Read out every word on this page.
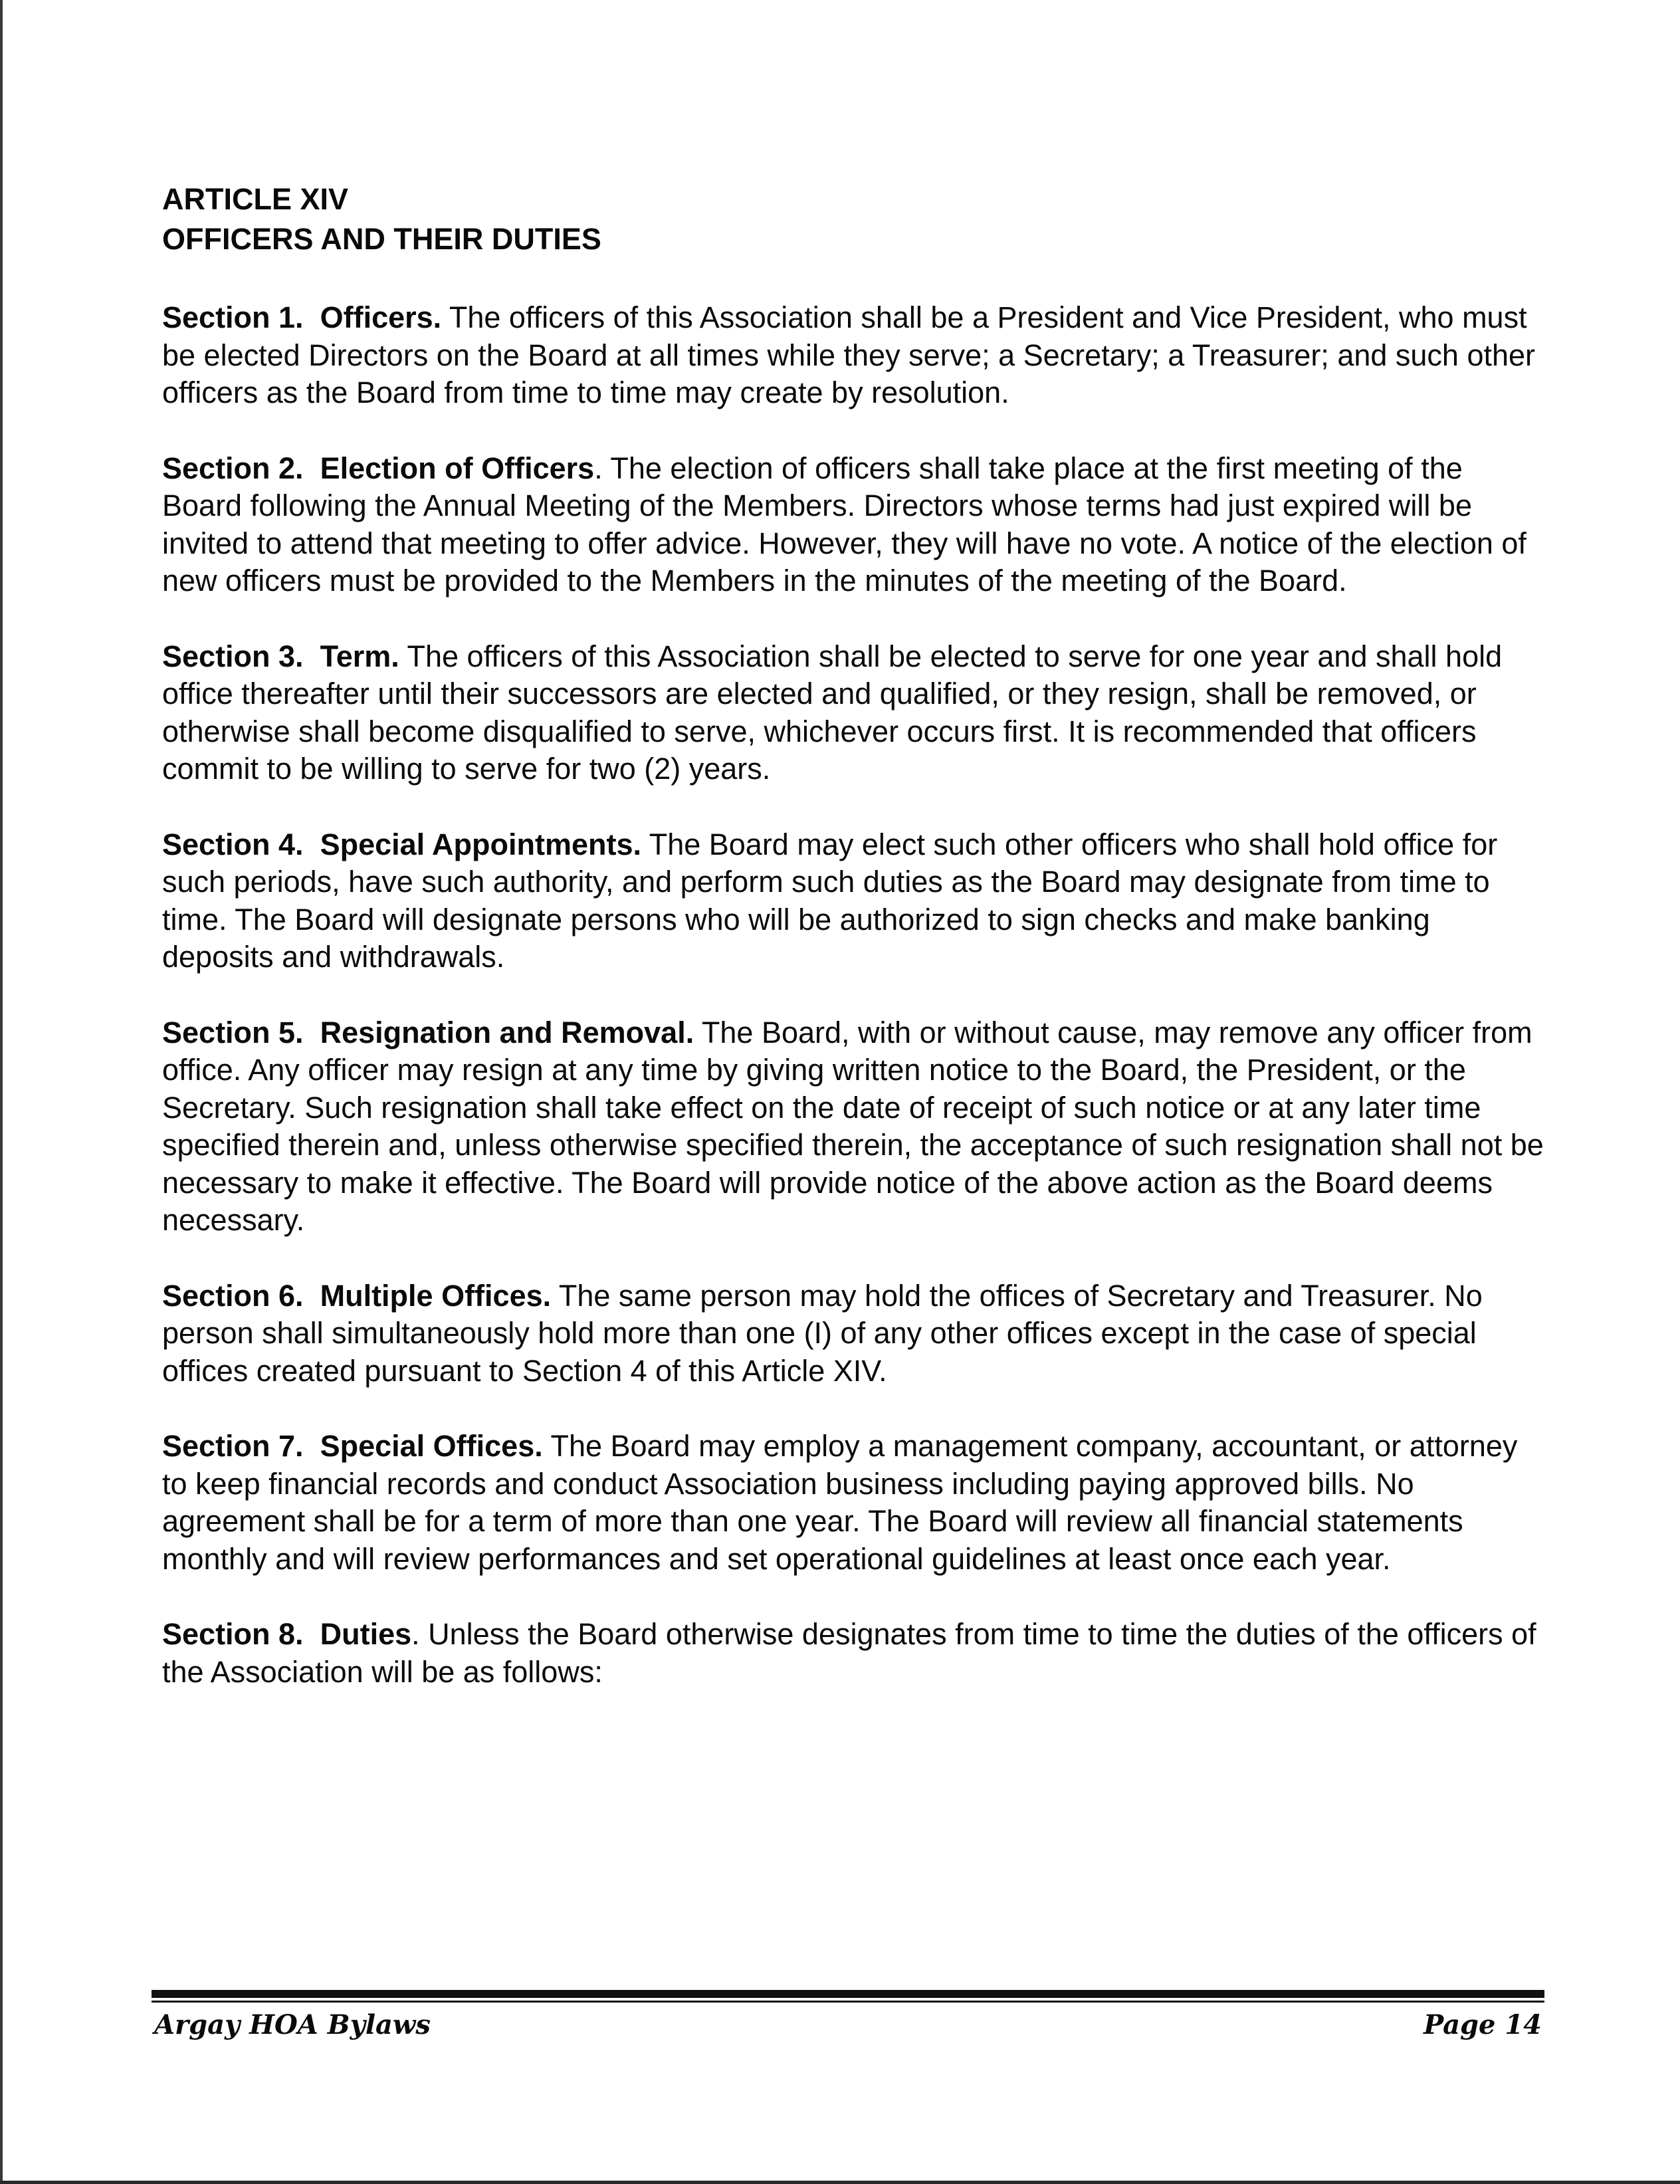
ARTICLE XIV

OFFICERS AND THEIR DUTIES

Section 1. Officers. The officers of this Association shall be a President and Vice President, who must be elected Directors on the Board at all times while they serve; a Secretary; a Treasurer; and such other officers as the Board from time to time may create by resolution.

Section 2. Election of Officers. The election of officers shall take place at the first meeting of the Board following the Annual Meeting of the Members. Directors whose terms had just expired will be invited to attend that meeting to offer advice. However, they will have no vote. A notice of the election of new officers must be provided to the Members in the minutes of the meeting of the Board.

Section 3. Term. The officers of this Association shall be elected to serve for one year and shall hold office thereafter until their successors are elected and qualified, or they resign, shall be removed, or otherwise shall become disqualified to serve, whichever occurs first. It is recommended that officers commit to be willing to serve for two (2) years.

Section 4. Special Appointments. The Board may elect such other officers who shall hold office for such periods, have such authority, and perform such duties as the Board may designate from time to time. The Board will designate persons who will be authorized to sign checks and make banking deposits and withdrawals.

Section 5. Resignation and Removal. The Board, with or without cause, may remove any officer from office. Any officer may resign at any time by giving written notice to the Board, the President, or the Secretary. Such resignation shall take effect on the date of receipt of such notice or at any later time specified therein and, unless otherwise specified therein, the acceptance of such resignation shall not be necessary to make it effective. The Board will provide notice of the above action as the Board deems necessary.

Section 6. Multiple Offices. The same person may hold the offices of Secretary and Treasurer. No person shall simultaneously hold more than one (I) of any other offices except in the case of special offices created pursuant to Section 4 of this Article XIV.

Section 7. Special Offices. The Board may employ a management company, accountant, or attorney to keep financial records and conduct Association business including paying approved bills. No agreement shall be for a term of more than one year. The Board will review all financial statements monthly and will review performances and set operational guidelines at least once each year.

Section 8. Duties. Unless the Board otherwise designates from time to time the duties of the officers of the Association will be as follows:

Argay HOA Bylaws	Page 14
